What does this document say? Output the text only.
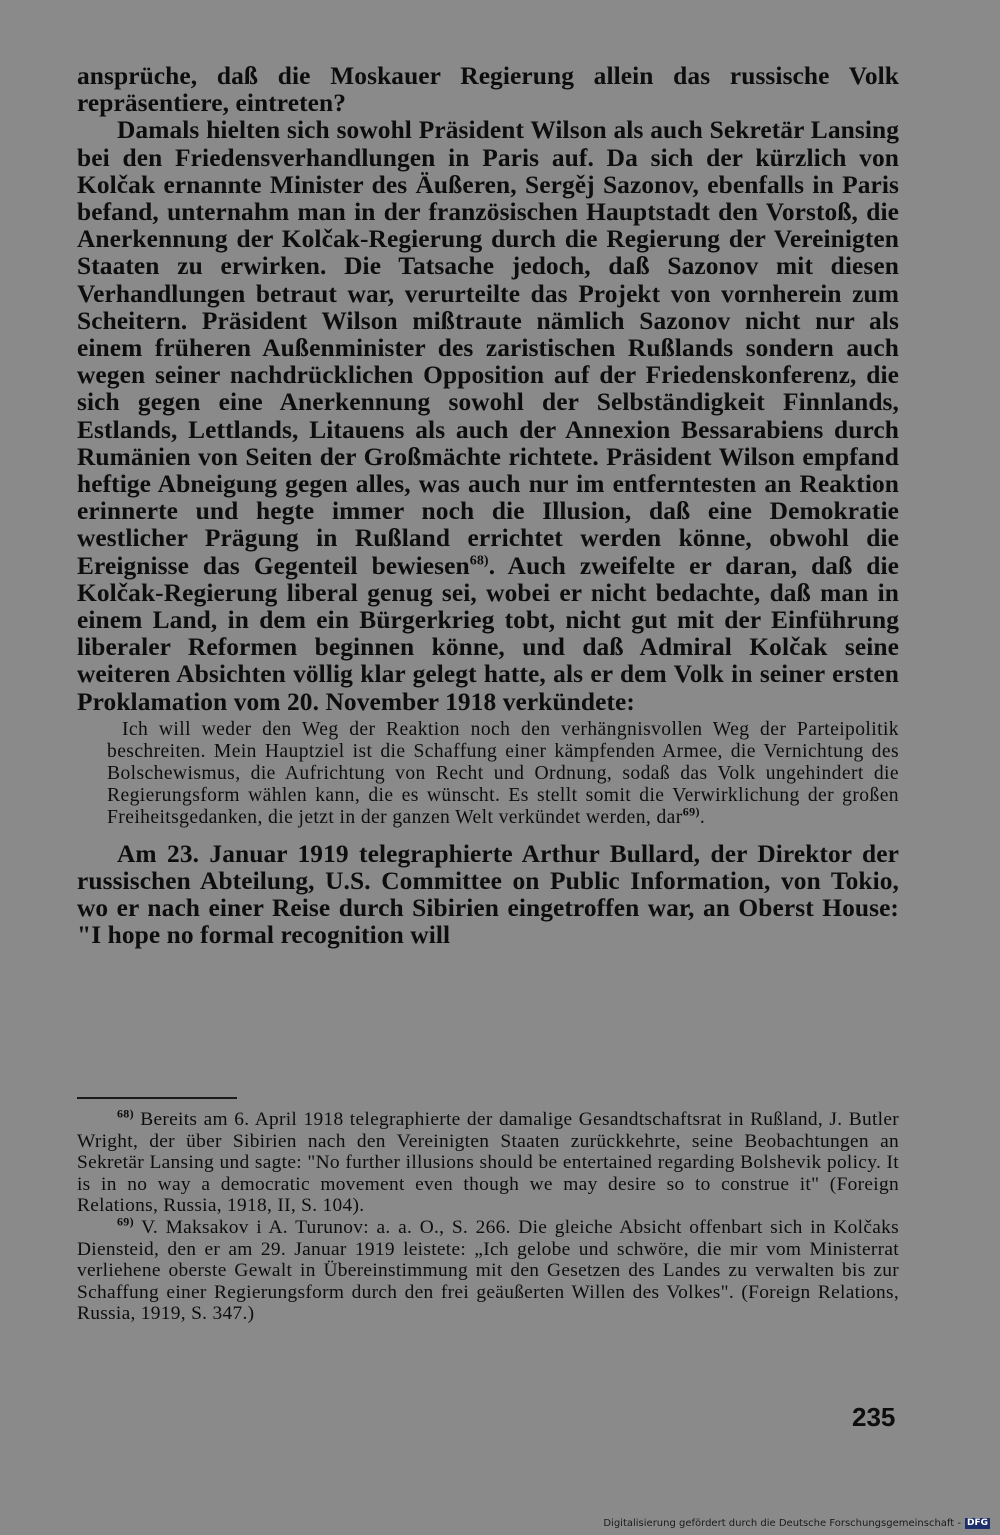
ansprüche, daß die Moskauer Regierung allein das russische Volk repräsentiere, eintreten?

Damals hielten sich sowohl Präsident Wilson als auch Sekretär Lansing bei den Friedensverhandlungen in Paris auf. Da sich der kürzlich von Kolčak ernannte Minister des Äußeren, Sergěj Sazonov, ebenfalls in Paris befand, unternahm man in der französischen Hauptstadt den Vorstoß, die Anerkennung der Kolčak-Regierung durch die Regierung der Vereinigten Staaten zu erwirken. Die Tatsache jedoch, daß Sazonov mit diesen Verhandlungen betraut war, verurteilte das Projekt von vornherein zum Scheitern. Präsident Wilson mißtraute nämlich Sazonov nicht nur als einem früheren Außenminister des zaristischen Rußlands sondern auch wegen seiner nachdrücklichen Opposition auf der Friedenskonferenz, die sich gegen eine Anerkennung sowohl der Selbständigkeit Finnlands, Estlands, Lettlands, Litauens als auch der Annexion Bessarabiens durch Rumänien von Seiten der Großmächte richtete. Präsident Wilson empfand heftige Abneigung gegen alles, was auch nur im entferntesten an Reaktion erinnerte und hegte immer noch die Illusion, daß eine Demokratie westlicher Prägung in Rußland errichtet werden könne, obwohl die Ereignisse das Gegenteil bewiesen$^{68)}$. Auch zweifelte er daran, daß die Kolčak-Regierung liberal genug sei, wobei er nicht bedachte, daß man in einem Land, in dem ein Bürgerkrieg tobt, nicht gut mit der Einführung liberaler Reformen beginnen könne, und daß Admiral Kolčak seine weiteren Absichten völlig klar gelegt hatte, als er dem Volk in seiner ersten Proklamation vom 20. November 1918 verkündete:

Ich will weder den Weg der Reaktion noch den verhängnisvollen Weg der Parteipolitik beschreiten. Mein Hauptziel ist die Schaffung einer kämpfenden Armee, die Vernichtung des Bolschewismus, die Aufrichtung von Recht und Ordnung, sodaß das Volk ungehindert die Regierungsform wählen kann, die es wünscht. Es stellt somit die Verwirklichung der großen Freiheitsgedanken, die jetzt in der ganzen Welt verkündet werden, dar$^{69)}$.

Am 23. Januar 1919 telegraphierte Arthur Bullard, der Direktor der russischen Abteilung, U.S. Committee on Public Information, von Tokio, wo er nach einer Reise durch Sibirien eingetroffen war, an Oberst House: "I hope no formal recognition will

$^{68)}$ Bereits am 6. April 1918 telegraphierte der damalige Gesandtschaftsrat in Rußland, J. Butler Wright, der über Sibirien nach den Vereinigten Staaten zurückkehrte, seine Beobachtungen an Sekretär Lansing und sagte: "No further illusions should be entertained regarding Bolshevik policy. It is in no way a democratic movement even though we may desire so to construe it" (Foreign Relations, Russia, 1918, II, S. 104).

$^{69)}$ V. Maksakov i A. Turunov: a. a. O., S. 266. Die gleiche Absicht offenbart sich in Kolčaks Diensteid, den er am 29. Januar 1919 leistete: „Ich gelobe und schwöre, die mir vom Ministerrat verliehene oberste Gewalt in Übereinstimmung mit den Gesetzen des Landes zu verwalten bis zur Schaffung einer Regierungsform durch den frei geäußerten Willen des Volkes". (Foreign Relations, Russia, 1919, S. 347.)

235
Digitalisierung gefördert durch die Deutsche Forschungsgemeinschaft - DFG
